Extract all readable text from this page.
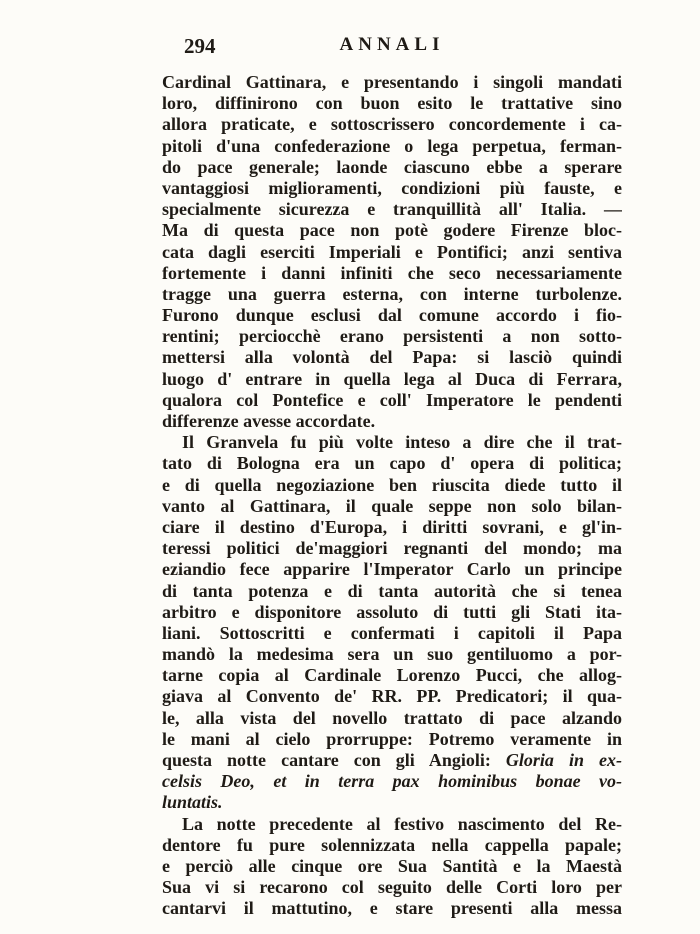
294	ANNALI
Cardinal Gattinara, e presentando i singoli mandati
loro, diffinirono con buon esito le trattative sino
allora praticate, e sottoscrissero concordemente i ca-
pitoli d'una confederazione o lega perpetua, ferman-
do pace generale; laonde ciascuno ebbe a sperare
vantaggiosi miglioramenti, condizioni più fauste, e
specialmente sicurezza e tranquillità all' Italia. —
Ma di questa pace non potè godere Firenze bloc-
cata dagli eserciti Imperiali e Pontifici; anzi sentiva
fortemente i danni infiniti che seco necessariamente
tragge una guerra esterna, con interne turbolenze.
Furono dunque esclusi dal comune accordo i fio-
rentini; perciocchè erano persistenti a non sotto-
mettersi alla volontà del Papa: si lasciò quindi
luogo d' entrare in quella lega al Duca di Ferrara,
qualora col Pontefice e coll' Imperatore le pendenti
differenze avesse accordate.
Il Granvela fu più volte inteso a dire che il trat-
tato di Bologna era un capo d' opera di politica;
e di quella negoziazione ben riuscita diede tutto il
vanto al Gattinara, il quale seppe non solo bilan-
ciare il destino d'Europa, i diritti sovrani, e gl'in-
teressi politici de'maggiori regnanti del mondo; ma
eziandio fece apparire l'Imperator Carlo un principe
di tanta potenza e di tanta autorità che si tenea
arbitro e disponitore assoluto di tutti gli Stati ita-
liani. Sottoscritti e confermati i capitoli il Papa
mandò la medesima sera un suo gentiluomo a por-
tarne copia al Cardinale Lorenzo Pucci, che allog-
giava al Convento de' RR. PP. Predicatori; il qua-
le, alla vista del novello trattato di pace alzando
le mani al cielo prorruppe: Potremo veramente in
questa notte cantare con gli Angioli: Gloria in ex-
celsis Deo, et in terra pax hominibus bonae vo-
luntatis.
La notte precedente al festivo nascimento del Re-
dentore fu pure solennizzata nella cappella papale;
e perciò alle cinque ore Sua Santità e la Maestà
Sua vi si recarono col seguito delle Corti loro per
cantarvi il mattutino, e stare presenti alla messa
